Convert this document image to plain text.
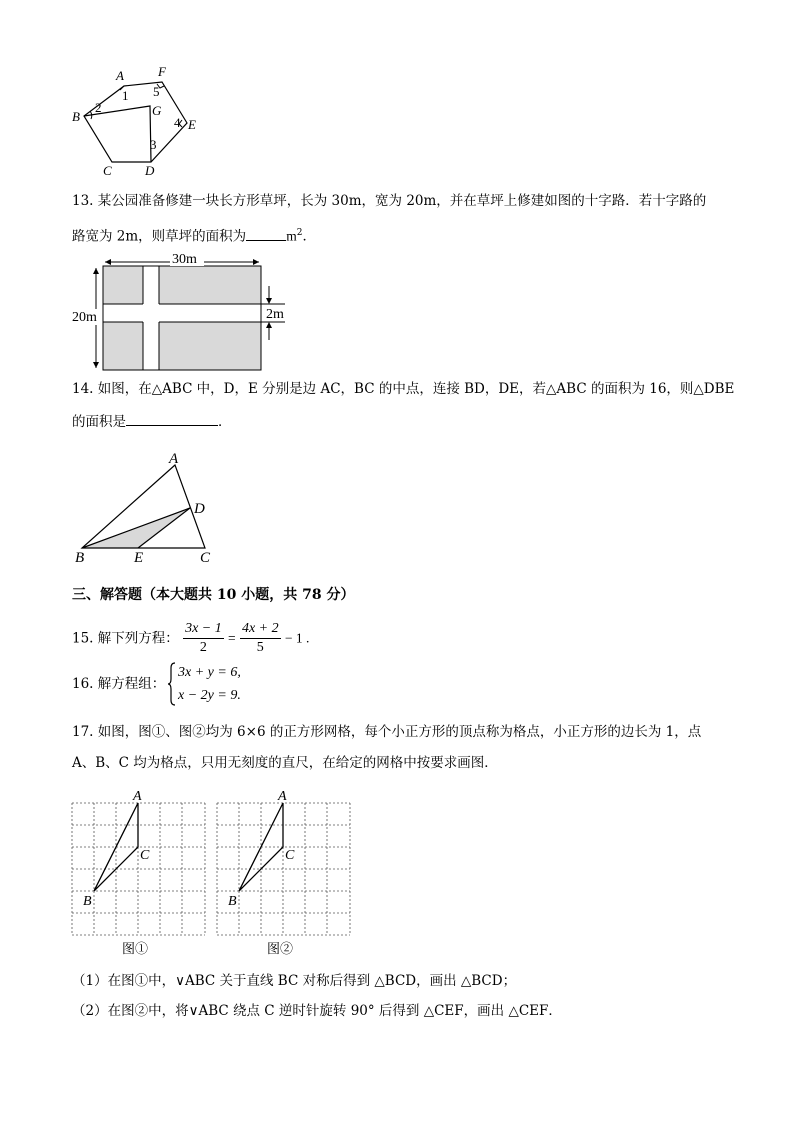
A	F
B	G
E
C	D
1
2
3
4
5
13. 某公园准备修建一块长方形草坪，长为 30m，宽为 20m，并在草坪上修建如图的十字路．若十字路的
路宽为 2m，则草坪的面积为	$m^2$．
30m
20m	2m
14. 如图，在△ABC 中，D，E 分别是边 AC，BC 的中点，连接 BD，DE，若△ABC 的面积为 16，则△DBE
的面积是	．
A
D
B	E	C
三、解答题（本大题共 10 小题，共 78 分）
15. 解下列方程： $\frac{3x - 1}{2} = \frac{4x + 2}{5} - 1$ .
16. 解方程组：
3x + y = 6,
x − 2y = 9.
17. 如图，图①、图②均为 6×6 的正方形网格，每个小正方形的顶点称为格点，小正方形的边长为 1，点
A、B、C 均为格点，只用无刻度的直尺，在给定的网格中按要求画图．
A
C
B
图①
A
C
B
图②
（1）在图①中，∨ABC 关于直线 BC 对称后得到 △BCD，画出 △BCD；
（2）在图②中，将∨ABC 绕点 C 逆时针旋转 90° 后得到 △CEF，画出 △CEF．
